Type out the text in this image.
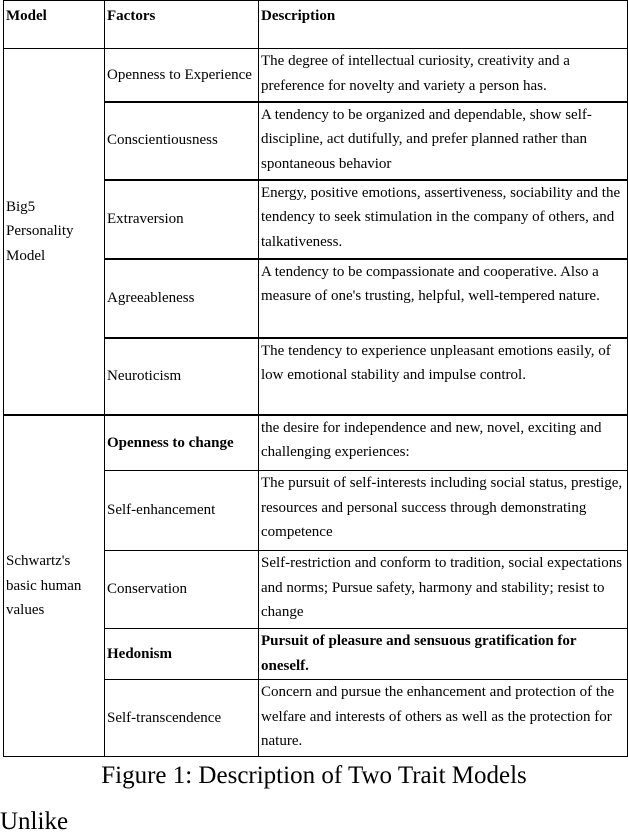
Model	Factors	Description
Big5 Personality Model	Openness to Experience	The degree of intellectual curiosity, creativity and a preference for novelty and variety a person has.
	Conscientiousness	A tendency to be organized and dependable, show self-discipline, act dutifully, and prefer planned rather than spontaneous behavior
	Extraversion	Energy, positive emotions, assertiveness, sociability and the tendency to seek stimulation in the company of others, and talkativeness.
	Agreeableness	A tendency to be compassionate and cooperative. Also a measure of one's trusting, helpful, well-tempered nature.
	Neuroticism	The tendency to experience unpleasant emotions easily, of low emotional stability and impulse control.
Schwartz's basic human values	Openness to change	the desire for independence and new, novel, exciting and challenging experiences:
	Self-enhancement	The pursuit of self-interests including social status, prestige, resources and personal success through demonstrating competence
	Conservation	Self-restriction and conform to tradition, social expectations and norms; Pursue safety, harmony and stability; resist to change
	Hedonism	Pursuit of pleasure and sensuous gratification for oneself.
	Self-transcendence	Concern and pursue the enhancement and protection of the welfare and interests of others as well as the protection for nature.
Figure 1: Description of Two Trait Models
Unlike
